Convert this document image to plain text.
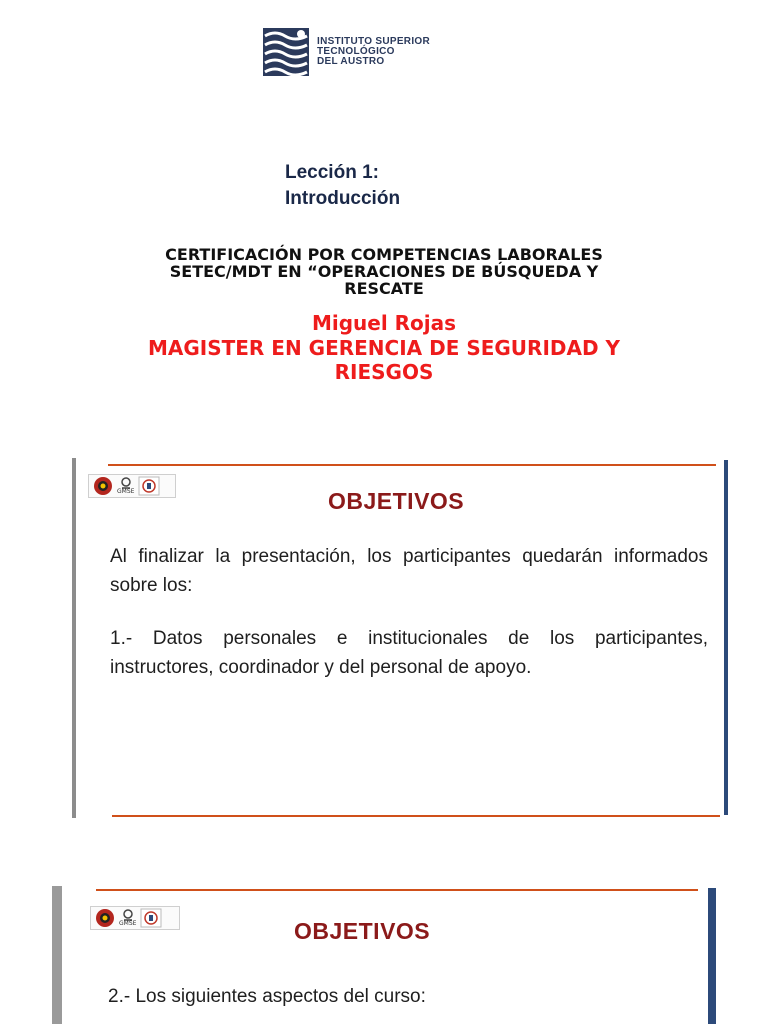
INSTITUTO SUPERIOR
TECNOLÓGICO
DEL AUSTRO
Lección 1:
Introducción
CERTIFICACIÓN POR COMPETENCIAS LABORALES
SETEC/MDT EN “OPERACIONES DE BÚSQUEDA Y
RESCATE
Miguel Rojas
MAGISTER EN GERENCIA DE SEGURIDAD Y
RIESGOS
GMSE	OBJETIVOS
Al finalizar la presentación, los participantes quedarán informados sobre los:
1.- Datos personales e institucionales de los participantes, instructores, coordinador y del personal de apoyo.
GMSE	OBJETIVOS
2.- Los siguientes aspectos del curso:
